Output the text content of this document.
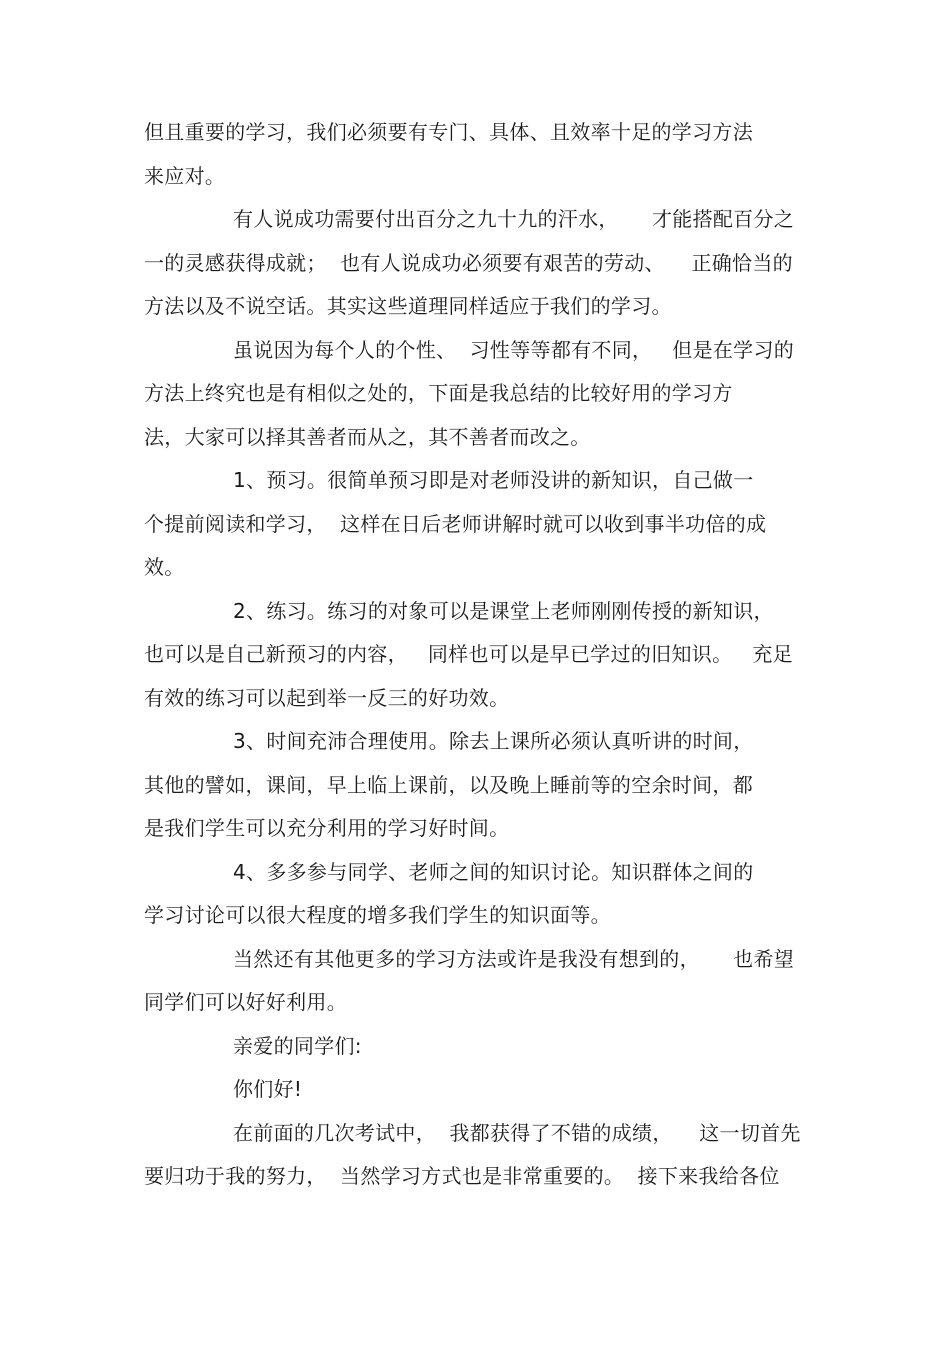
但且重要的学习，我们必须要有专门、具体、且效率十足的学习方法
来应对。
有人说成功需要付出百分之九十九的汗水，     才能搭配百分之
一的灵感获得成就；  也有人说成功必须要有艰苦的劳动、    正确恰当的
方法以及不说空话。其实这些道理同样适应于我们的学习。
虽说因为每个人的个性、  习性等等都有不同，   但是在学习的
方法上终究也是有相似之处的，下面是我总结的比较好用的学习方
法，大家可以择其善者而从之，其不善者而改之。
1、预习。很简单预习即是对老师没讲的新知识，自己做一
个提前阅读和学习，  这样在日后老师讲解时就可以收到事半功倍的成
效。
2、练习。练习的对象可以是课堂上老师刚刚传授的新知识，
也可以是自己新预习的内容，   同样也可以是早已学过的旧知识。   充足
有效的练习可以起到举一反三的好功效。
3、时间充沛合理使用。除去上课所必须认真听讲的时间，
其他的譬如，课间，早上临上课前，以及晚上睡前等的空余时间，都
是我们学生可以充分利用的学习好时间。
4、多多参与同学、老师之间的知识讨论。知识群体之间的
学习讨论可以很大程度的增多我们学生的知识面等。
当然还有其他更多的学习方法或许是我没有想到的，     也希望
同学们可以好好利用。
亲爱的同学们:
你们好!
在前面的几次考试中，  我都获得了不错的成绩，    这一切首先
要归功于我的努力，  当然学习方式也是非常重要的。  接下来我给各位
